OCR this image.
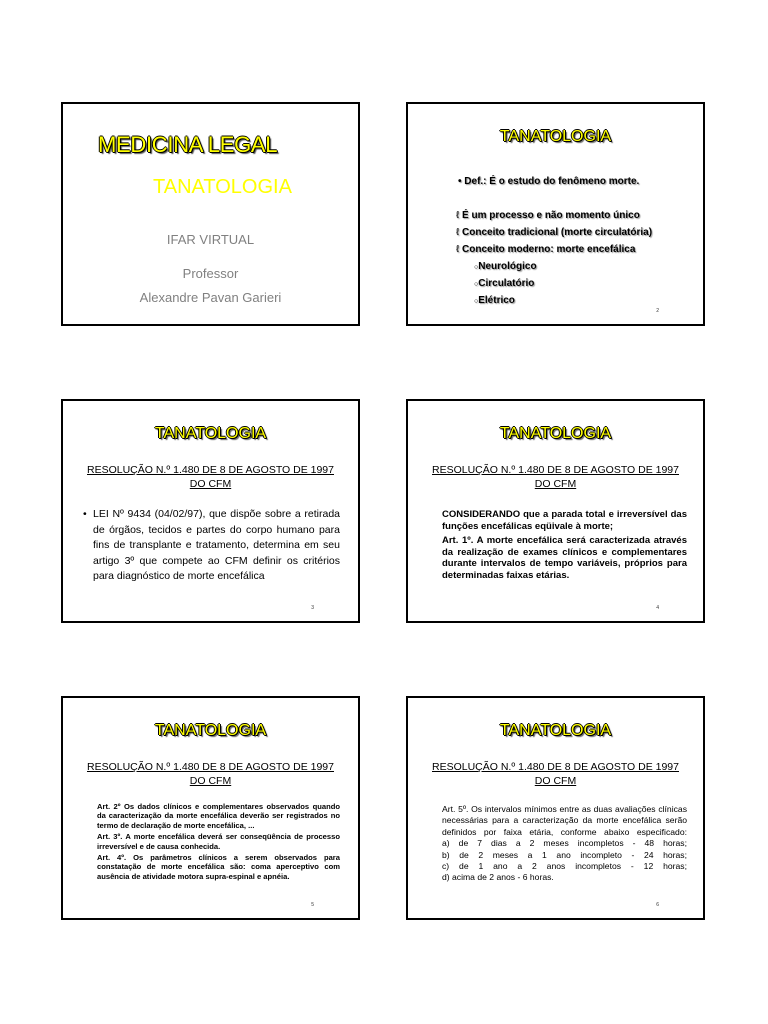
MEDICINA LEGAL
TANATOLOGIA
IFAR VIRTUAL
Professor
Alexandre Pavan Garieri
TANATOLOGIA
• Def.: É o estudo do fenômeno morte.
ℓ É um processo e não momento único
ℓ Conceito tradicional (morte circulatória)
ℓ Conceito moderno: morte encefálica
○Neurológico
○Circulatório
○Elétrico
2
TANATOLOGIA
RESOLUÇÃO N.º 1.480 DE 8 DE AGOSTO DE 1997
DO CFM
• LEI Nº 9434 (04/02/97), que dispõe sobre a retirada de órgãos, tecidos e partes do corpo humano para fins de transplante e tratamento, determina em seu artigo 3º que compete ao CFM definir os critérios para diagnóstico de morte encefálica
3
TANATOLOGIA
RESOLUÇÃO N.º 1.480 DE 8 DE AGOSTO DE 1997
DO CFM
CONSIDERANDO que a parada total e irreversível das funções encefálicas eqüivale à morte;
Art. 1º. A morte encefálica será caracterizada através da realização de exames clínicos e complementares durante intervalos de tempo variáveis, próprios para determinadas faixas etárias.
4
TANATOLOGIA
RESOLUÇÃO N.º 1.480 DE 8 DE AGOSTO DE 1997
DO CFM
Art. 2º Os dados clínicos e complementares observados quando da caracterização da morte encefálica deverão ser registrados no termo de declaração de morte encefálica, ...
Art. 3º. A morte encefálica deverá ser conseqüência de processo irreversível e de causa conhecida.
Art. 4º. Os parâmetros clínicos a serem observados para constatação de morte encefálica são: coma aperceptivo com ausência de atividade motora supra-espinal e apnéia.
5
TANATOLOGIA
RESOLUÇÃO N.º 1.480 DE 8 DE AGOSTO DE 1997
DO CFM
Art. 5º. Os intervalos mínimos entre as duas avaliações clínicas necessárias para a caracterização da morte encefálica serão definidos por faixa etária, conforme abaixo especificado:
a) de 7 dias a 2 meses incompletos - 48 horas;
b) de 2 meses a 1 ano incompleto - 24 horas;
c) de 1 ano a 2 anos incompletos - 12 horas;
d) acima de 2 anos - 6 horas.
6
